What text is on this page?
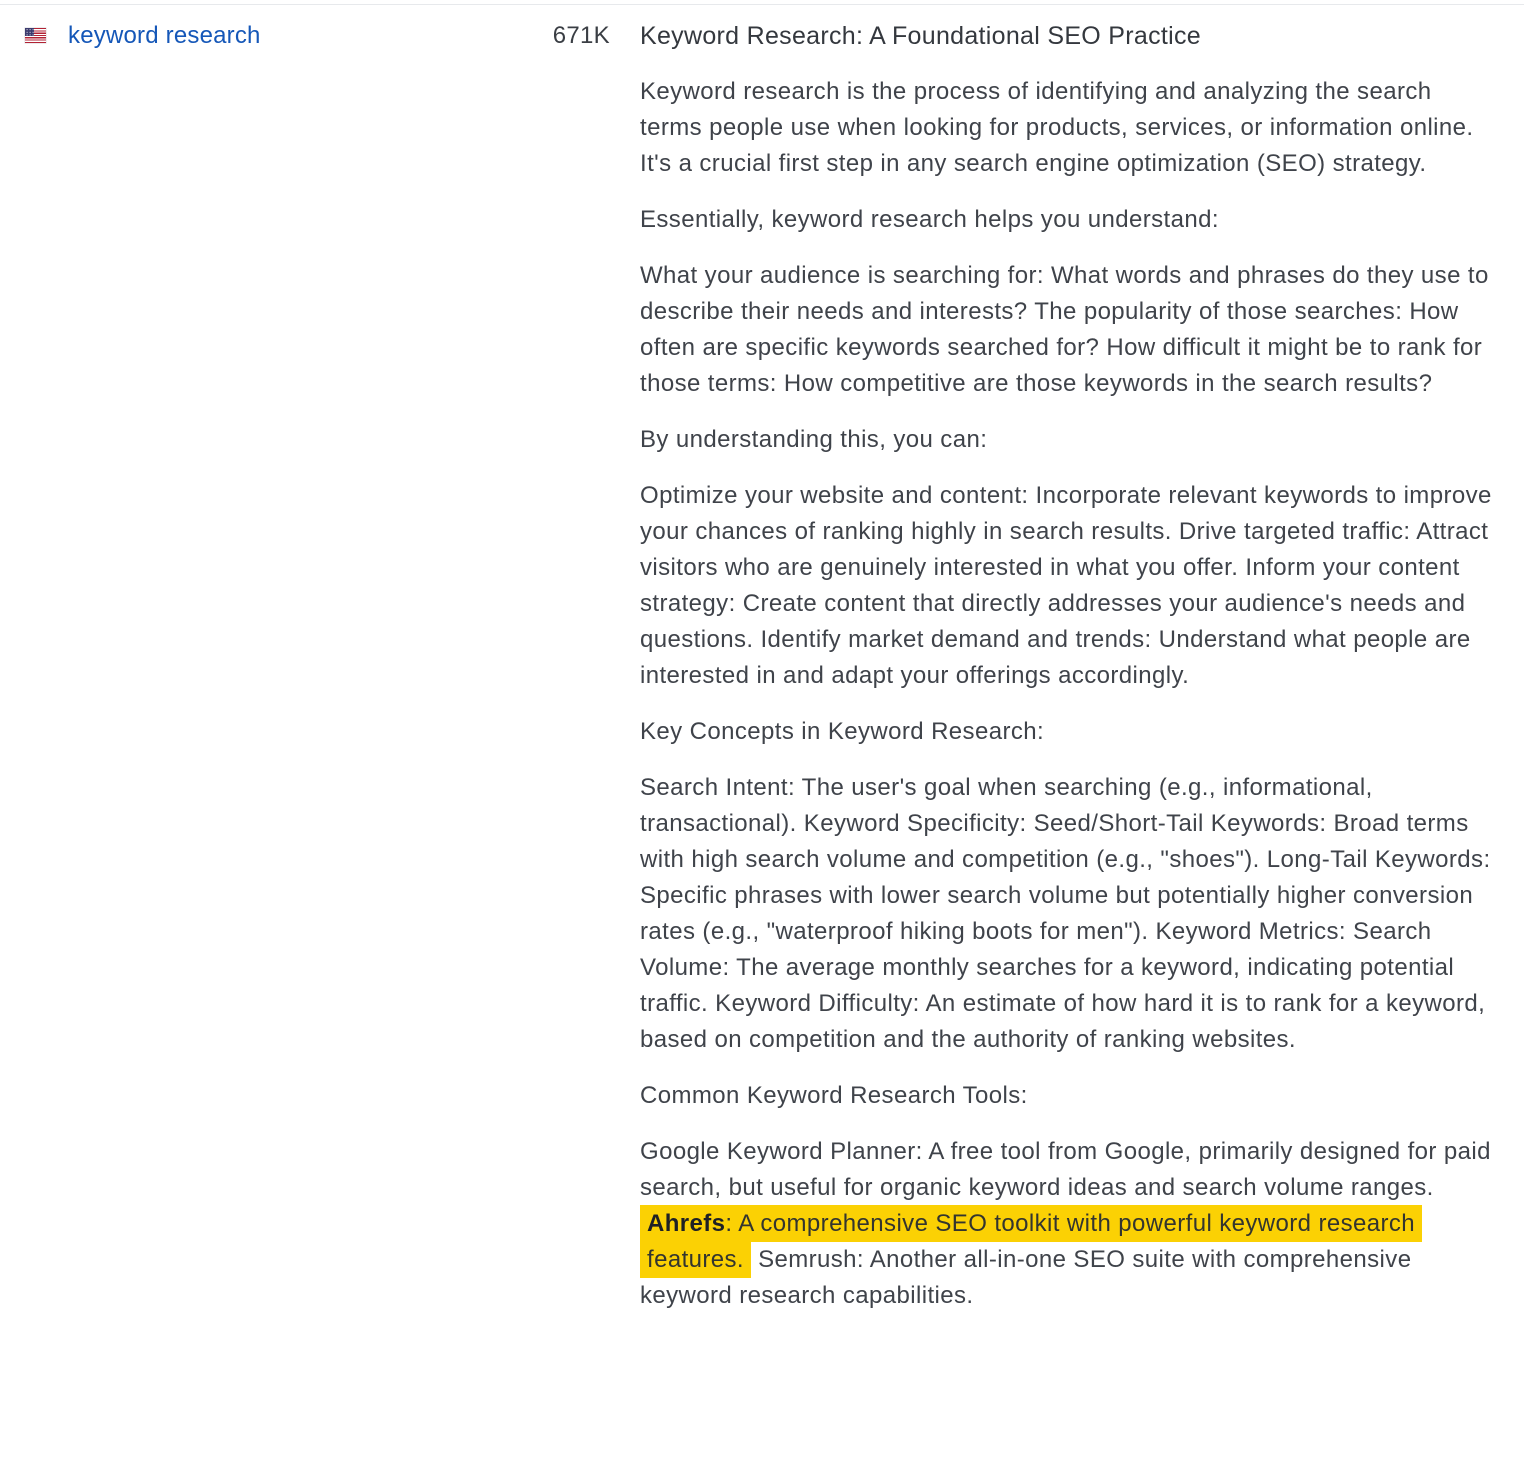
keyword research	671K Keyword Research: A Foundational SEO Practice

Keyword research is the process of identifying and analyzing the search terms people use when looking for products, services, or information online. It's a crucial first step in any search engine optimization (SEO) strategy.

Essentially, keyword research helps you understand:

What your audience is searching for: What words and phrases do they use to describe their needs and interests? The popularity of those searches: How often are specific keywords searched for? How difficult it might be to rank for those terms: How competitive are those keywords in the search results?

By understanding this, you can:

Optimize your website and content: Incorporate relevant keywords to improve your chances of ranking highly in search results. Drive targeted traffic: Attract visitors who are genuinely interested in what you offer. Inform your content strategy: Create content that directly addresses your audience's needs and questions. Identify market demand and trends: Understand what people are interested in and adapt your offerings accordingly.

Key Concepts in Keyword Research:

Search Intent: The user's goal when searching (e.g., informational, transactional). Keyword Specificity: Seed/Short-Tail Keywords: Broad terms with high search volume and competition (e.g., "shoes"). Long-Tail Keywords: Specific phrases with lower search volume but potentially higher conversion rates (e.g., "waterproof hiking boots for men"). Keyword Metrics: Search Volume: The average monthly searches for a keyword, indicating potential traffic. Keyword Difficulty: An estimate of how hard it is to rank for a keyword, based on competition and the authority of ranking websites.

Common Keyword Research Tools:

Google Keyword Planner: A free tool from Google, primarily designed for paid search, but useful for organic keyword ideas and search volume ranges. Ahrefs: A comprehensive SEO toolkit with powerful keyword research features. Semrush: Another all-in-one SEO suite with comprehensive keyword research capabilities.
